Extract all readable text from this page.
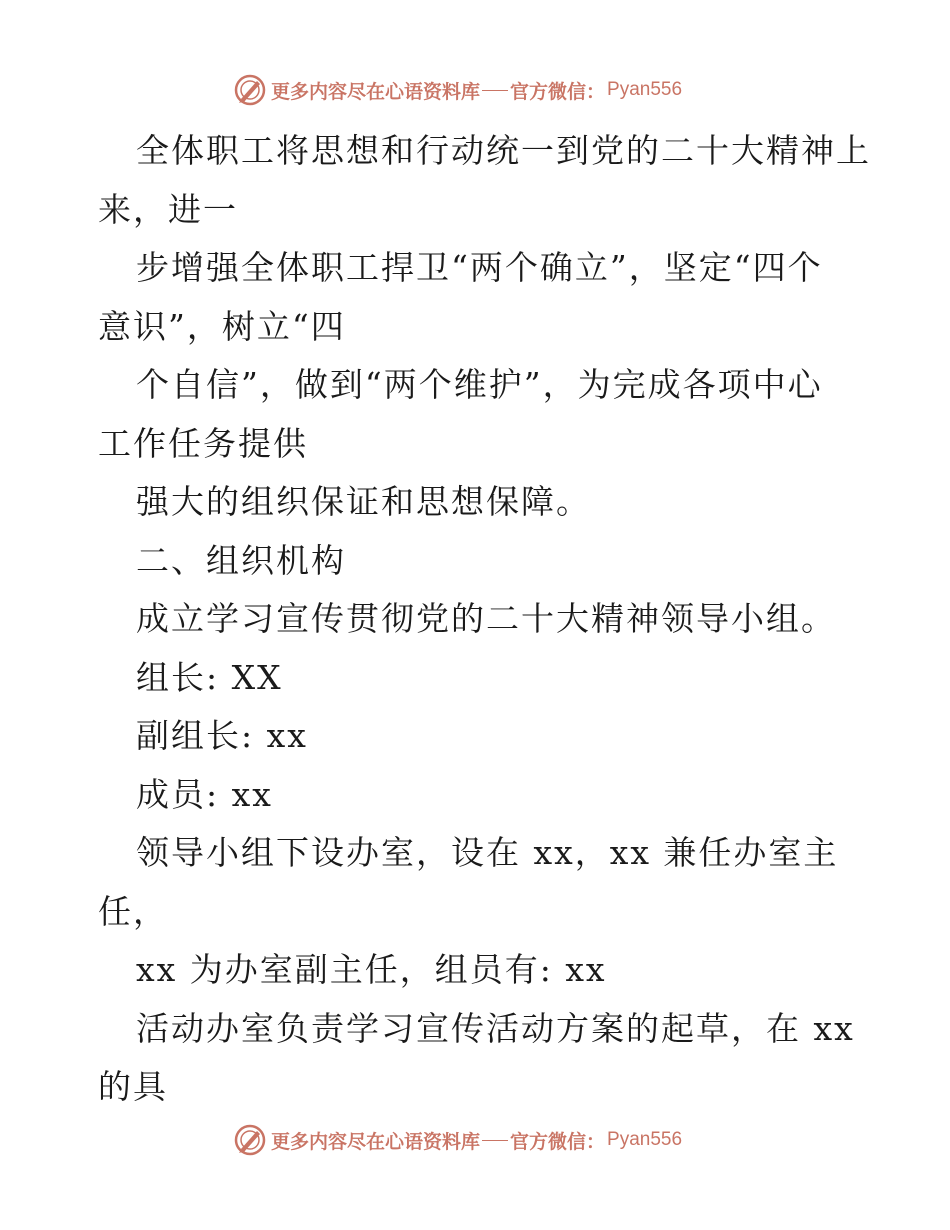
更多内容尽在心语资料库 官方微信： Pyan556
全体职工将思想和行动统一到党的二十大精神上
来，进一
步增强全体职工捍卫“两个确立”，坚定“四个
意识”，树立“四
个自信”，做到“两个维护”，为完成各项中心
工作任务提供
强大的组织保证和思想保障。
二、组织机构
成立学习宣传贯彻党的二十大精神领导小组。
组长: XX
副组长: xx
成员: xx
领导小组下设办室，设在 xx，xx 兼任办室主
任，
xx 为办室副主任，组员有: xx
活动办室负责学习宣传活动方案的起草，在 xx
的具
更多内容尽在心语资料库 官方微信： Pyan556
